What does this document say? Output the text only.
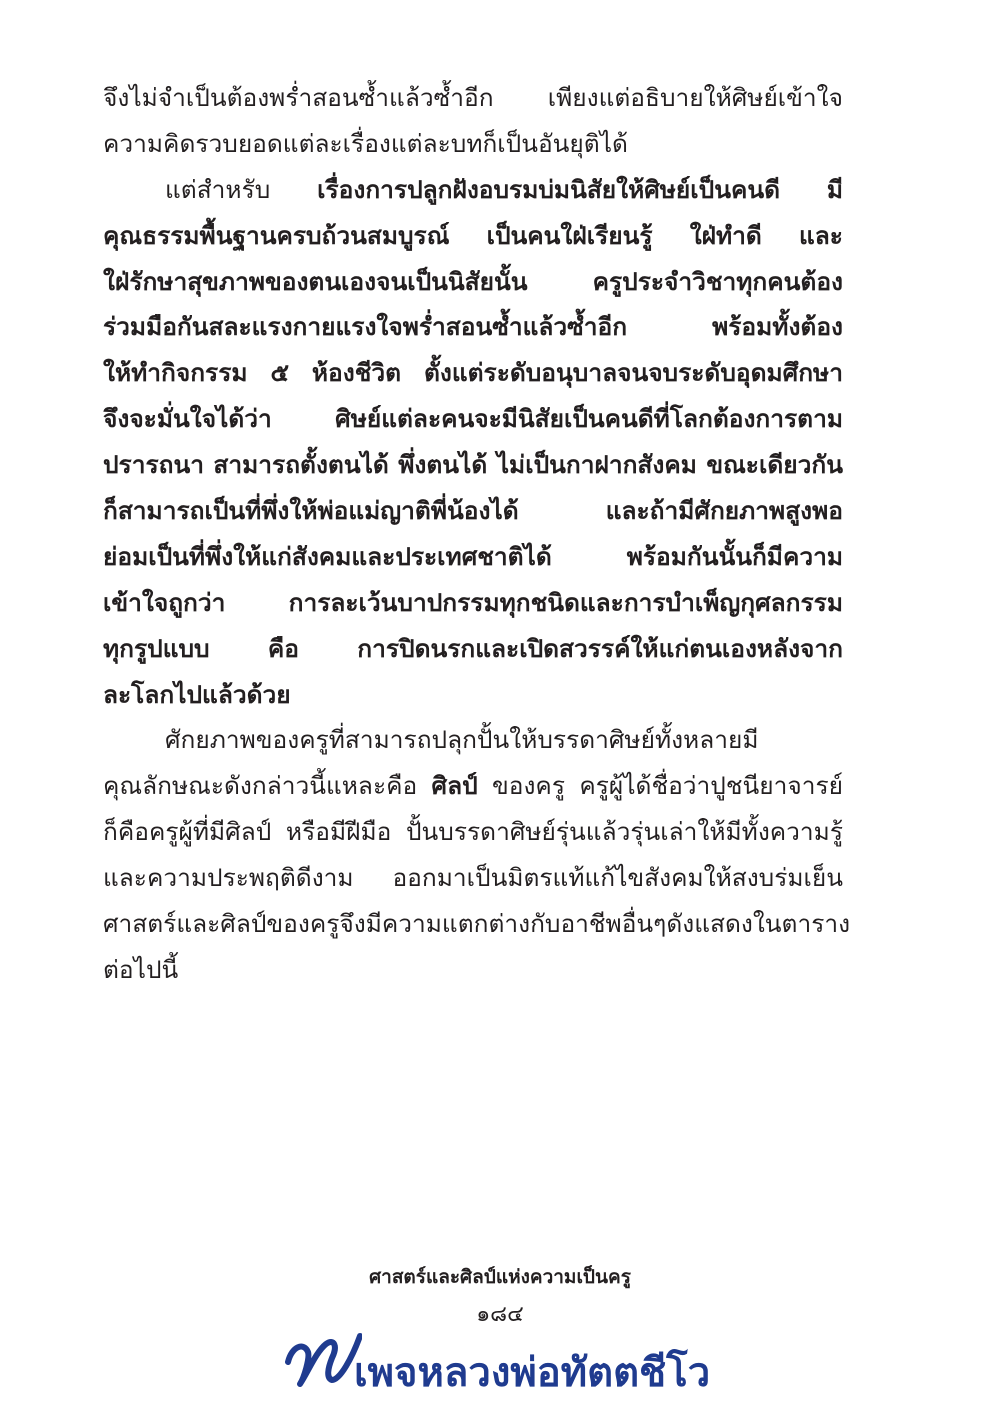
จึงไม่จำเป็นต้องพร่ำสอนซ้ำแล้วซ้ำอีก เพียงแต่อธิบายให้ศิษย์เข้าใจ
ความคิดรวบยอดแต่ละเรื่องแต่ละบทก็เป็นอันยุติได้
แต่สำหรับ เรื่องการปลูกฝังอบรมบ่มนิสัยให้ศิษย์เป็นคนดี มี
คุณธรรมพื้นฐานครบถ้วนสมบูรณ์ เป็นคนใฝ่เรียนรู้ ใฝ่ทำดี และ
ใฝ่รักษาสุขภาพของตนเองจนเป็นนิสัยนั้น	ครูประจำวิชาทุกคนต้อง
ร่วมมือกันสละแรงกายแรงใจพร่ำสอนซ้ำแล้วซ้ำอีก	พร้อมทั้งต้อง
ให้ทำกิจกรรม ๕ ห้องชีวิต ตั้งแต่ระดับอนุบาลจนจบระดับอุดมศึกษา
จึงจะมั่นใจได้ว่า	ศิษย์แต่ละคนจะมีนิสัยเป็นคนดีที่โลกต้องการตาม
ปรารถนา สามารถตั้งตนได้ พึ่งตนได้ ไม่เป็นกาฝากสังคม ขณะเดียวกัน
ก็สามารถเป็นที่พึ่งให้พ่อแม่ญาติพี่น้องได้	และถ้ามีศักยภาพสูงพอ
ย่อมเป็นที่พึ่งให้แก่สังคมและประเทศชาติได้	พร้อมกันนั้นก็มีความ
เข้าใจถูกว่า	การละเว้นบาปกรรมทุกชนิดและการบำเพ็ญกุศลกรรม
ทุกรูปแบบ คือ การปิดนรกและเปิดสวรรค์ให้แก่ตนเองหลังจาก
ละโลกไปแล้วด้วย
ศักยภาพของครูที่สามารถปลุกปั้นให้บรรดาศิษย์ทั้งหลายมี
คุณลักษณะดังกล่าวนี้แหละคือ ศิลป์ ของครู ครูผู้ได้ชื่อว่าปูชนียาจารย์
ก็คือครูผู้ที่มีศิลป์ หรือมีฝีมือ ปั้นบรรดาศิษย์รุ่นแล้วรุ่นเล่าให้มีทั้งความรู้
และความประพฤติดีงาม ออกมาเป็นมิตรแท้แก้ไขสังคมให้สงบร่มเย็น
ศาสตร์และศิลป์ของครูจึงมีความแตกต่างกับอาชีพอื่นๆ ดังแสดงในตาราง
ต่อไปนี้
ศาสตร์และศิลป์แห่งความเป็นครู
๑๘๔
เพจหลวงพ่อทัตตชีโว
